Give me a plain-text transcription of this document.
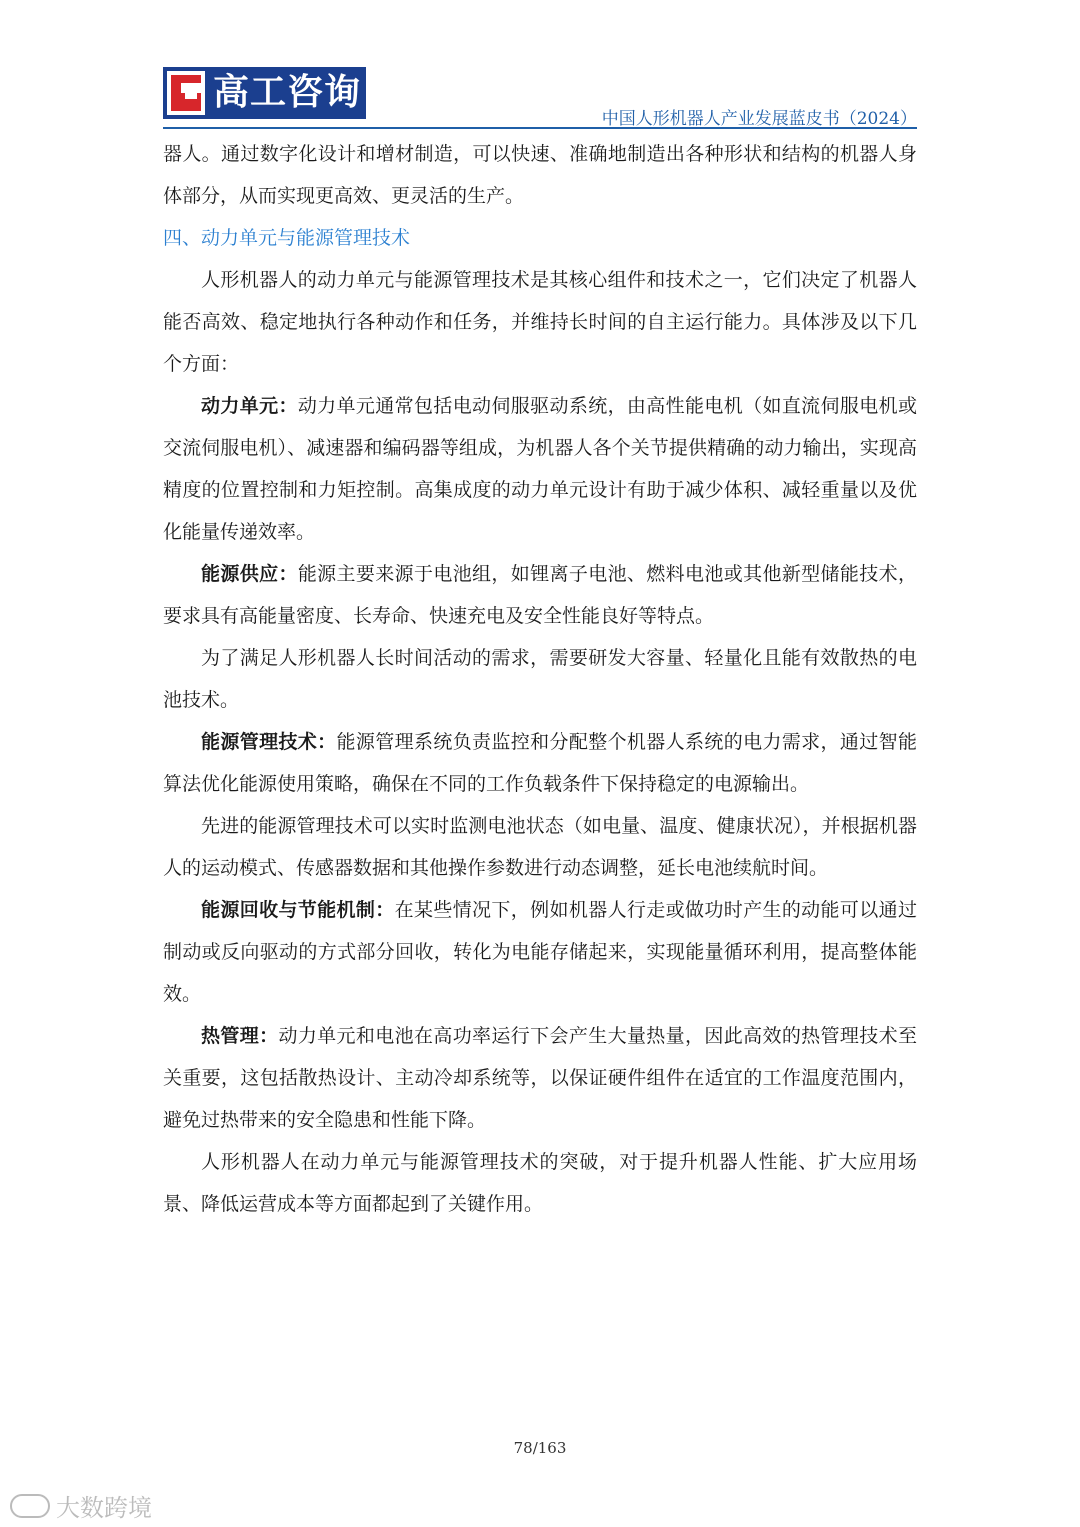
高工咨询
中国人形机器人产业发展蓝皮书（2024）

器人。通过数字化设计和增材制造，可以快速、准确地制造出各种形状和结构的机器人身体部分，从而实现更高效、更灵活的生产。

四、动力单元与能源管理技术

人形机器人的动力单元与能源管理技术是其核心组件和技术之一，它们决定了机器人能否高效、稳定地执行各种动作和任务，并维持长时间的自主运行能力。具体涉及以下几个方面：

动力单元：动力单元通常包括电动伺服驱动系统，由高性能电机（如直流伺服电机或交流伺服电机）、减速器和编码器等组成，为机器人各个关节提供精确的动力输出，实现高精度的位置控制和力矩控制。高集成度的动力单元设计有助于减少体积、减轻重量以及优化能量传递效率。

能源供应：能源主要来源于电池组，如锂离子电池、燃料电池或其他新型储能技术，要求具有高能量密度、长寿命、快速充电及安全性能良好等特点。

为了满足人形机器人长时间活动的需求，需要研发大容量、轻量化且能有效散热的电池技术。

能源管理技术：能源管理系统负责监控和分配整个机器人系统的电力需求，通过智能算法优化能源使用策略，确保在不同的工作负载条件下保持稳定的电源输出。

先进的能源管理技术可以实时监测电池状态（如电量、温度、健康状况），并根据机器人的运动模式、传感器数据和其他操作参数进行动态调整，延长电池续航时间。

能源回收与节能机制：在某些情况下，例如机器人行走或做功时产生的动能可以通过制动或反向驱动的方式部分回收，转化为电能存储起来，实现能量循环利用，提高整体能效。

热管理：动力单元和电池在高功率运行下会产生大量热量，因此高效的热管理技术至关重要，这包括散热设计、主动冷却系统等，以保证硬件组件在适宜的工作温度范围内，避免过热带来的安全隐患和性能下降。

人形机器人在动力单元与能源管理技术的突破，对于提升机器人性能、扩大应用场景、降低运营成本等方面都起到了关键作用。

78/163
大数跨境
